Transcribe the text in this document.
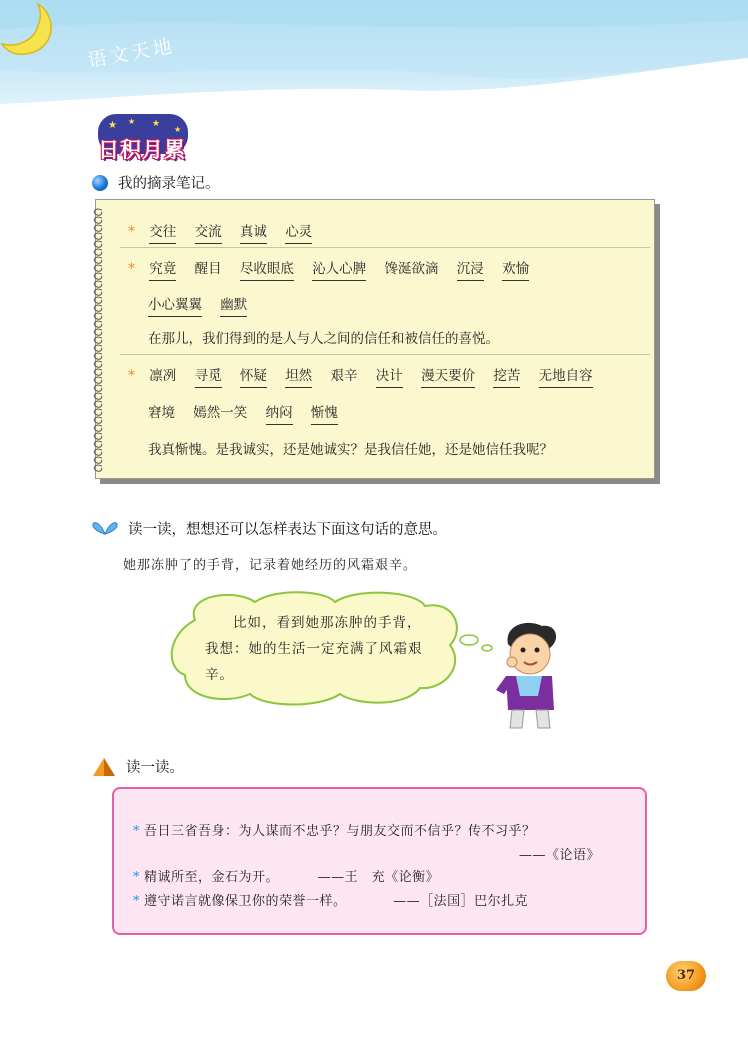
语文天地
★ ★ ★
★
日积月累
我的摘录笔记。
* 交往 交流 真诚 心灵
* 究竟 醒目 尽收眼底 沁人心脾 馋涎欲滴 沉浸 欢愉
小心翼翼 幽默
在那儿，我们得到的是人与人之间的信任和被信任的喜悦。
* 凛冽 寻觅 怀疑 坦然 艰辛 决计 漫天要价 挖苦 无地自容
窘境 嫣然一笑 纳闷 惭愧
我真惭愧。是我诚实，还是她诚实？是我信任她，还是她信任我呢？
读一读，想想还可以怎样表达下面这句话的意思。
她那冻肿了的手背，记录着她经历的风霜艰辛。
比如，看到她那冻肿的手背，我想：她的生活一定充满了风霜艰辛。
读一读。
* 吾日三省吾身：为人谋而不忠乎？与朋友交而不信乎？传不习乎？
——《论语》
* 精诚所至，金石为开。	——王　充《论衡》
* 遵守诺言就像保卫你的荣誉一样。	——［法国］巴尔扎克
37
